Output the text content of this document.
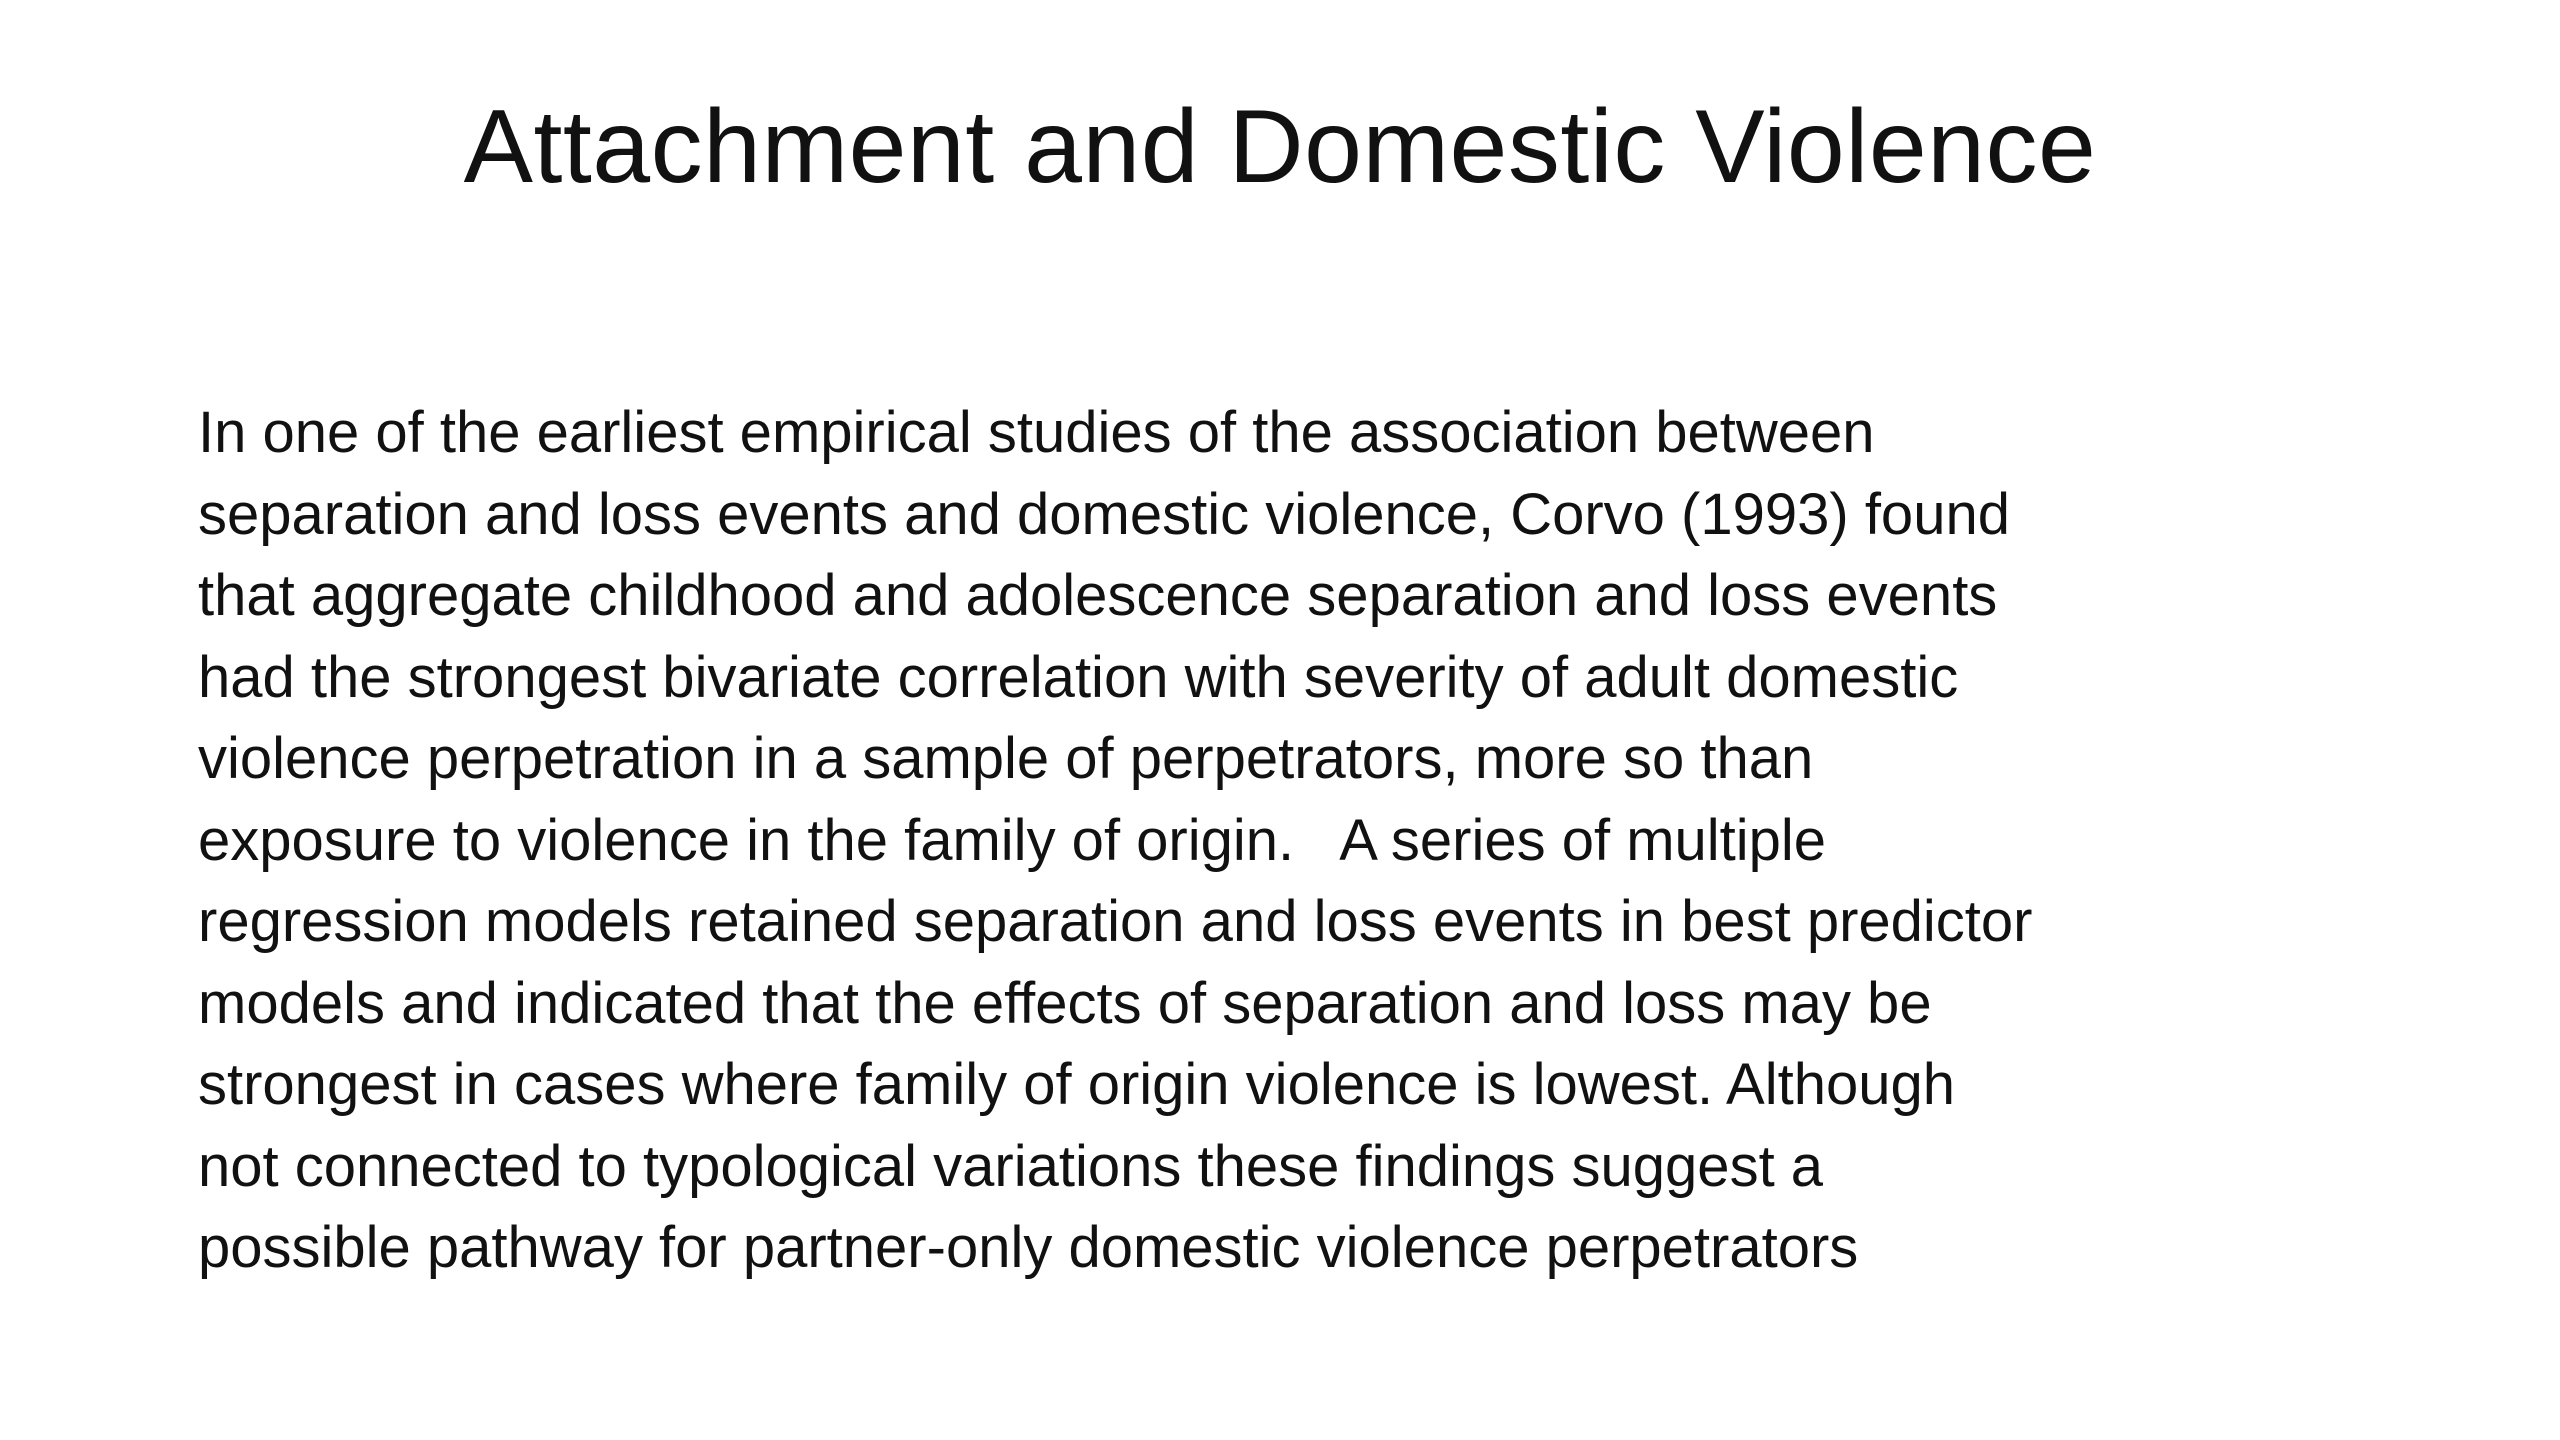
Attachment and Domestic Violence
In one of the earliest empirical studies of the association between
separation and loss events and domestic violence, Corvo (1993) found
that aggregate childhood and adolescence separation and loss events
had the strongest bivariate correlation with severity of adult domestic
violence perpetration in a sample of perpetrators, more so than
exposure to violence in the family of origin.   A series of multiple
regression models retained separation and loss events in best predictor
models and indicated that the effects of separation and loss may be
strongest in cases where family of origin violence is lowest. Although
not connected to typological variations these findings suggest a
possible pathway for partner-only domestic violence perpetrators
